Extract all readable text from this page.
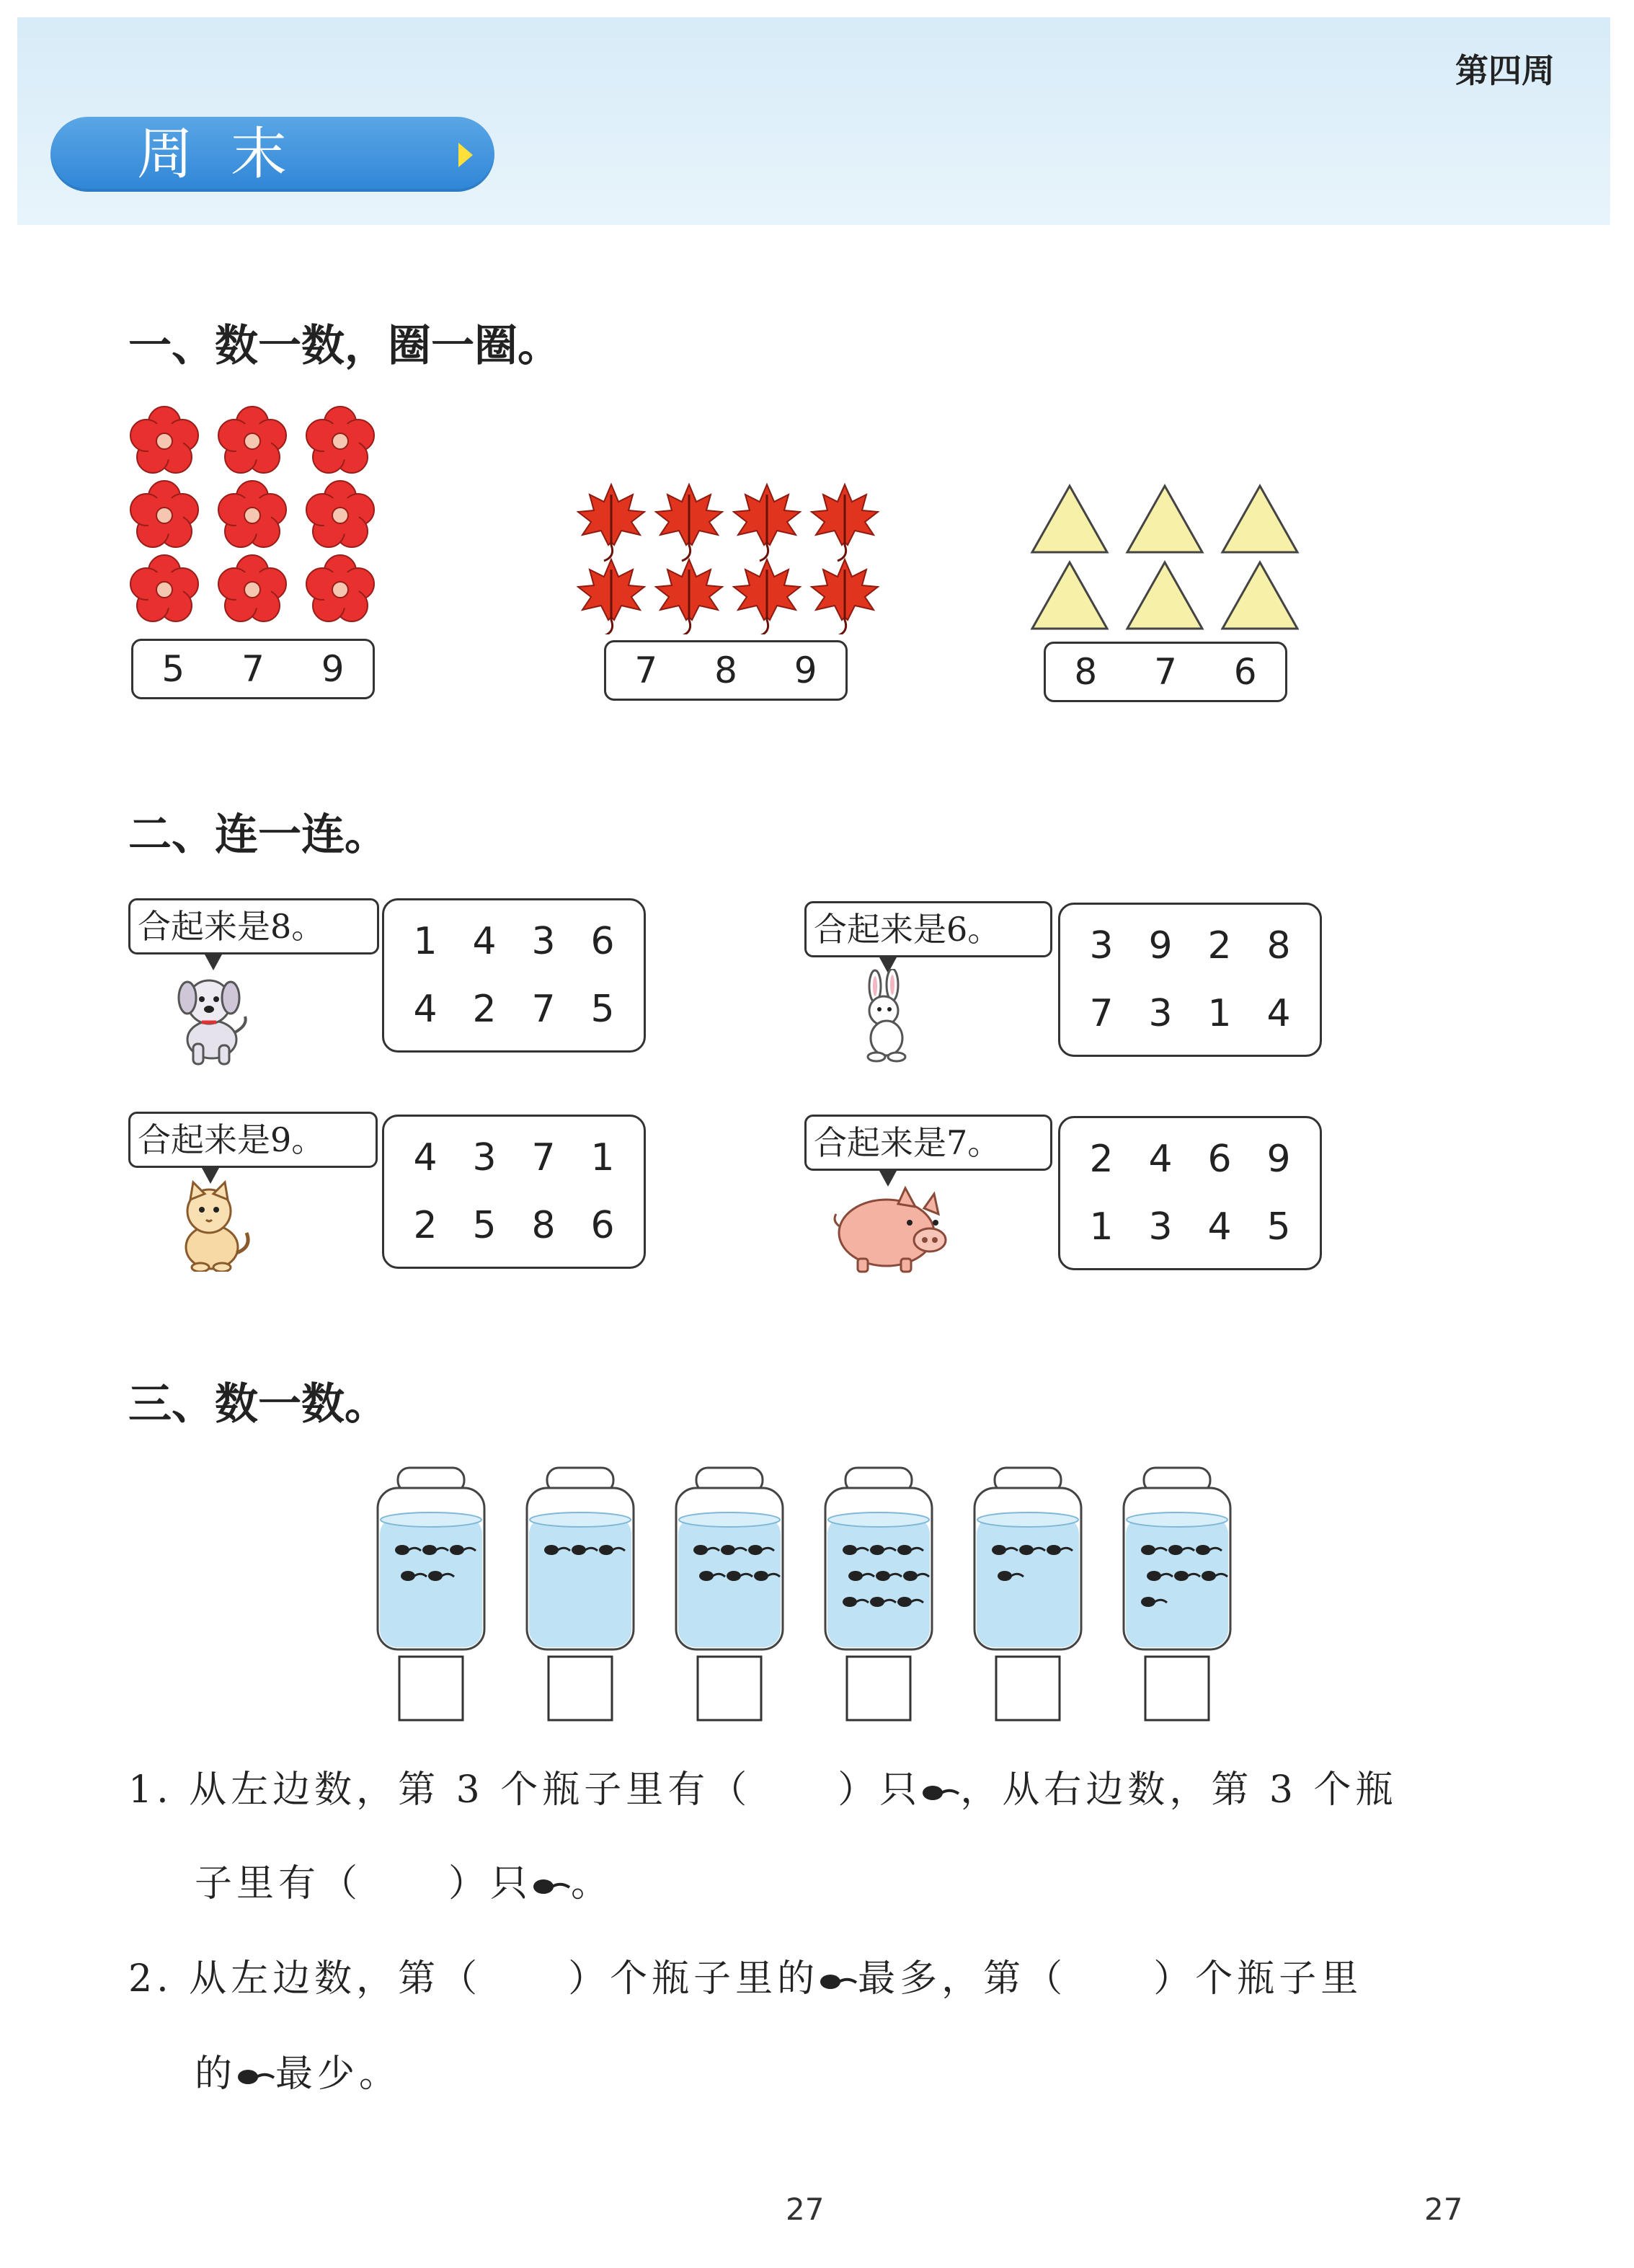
第四周
周末
一、数一数，圈一圈。
5 7 9	7 8 9	8 7 6
二、连一连。
合起来是8。	1 4 3 6
4 2 7 5
合起来是6。	3 9 2 8
7 3 1 4
合起来是9。	4 3 7 1
2 5 8 6
合起来是7。	2 4 6 9
1 3 4 5
三、数一数。
1. 从左边数，第 3 个瓶子里有（ ）只 ，从右边数，第 3 个瓶
子里有（ ）只 。
2. 从左边数，第（ ）个瓶子里的 最多，第（ ）个瓶子里
的 最少。
27	27
